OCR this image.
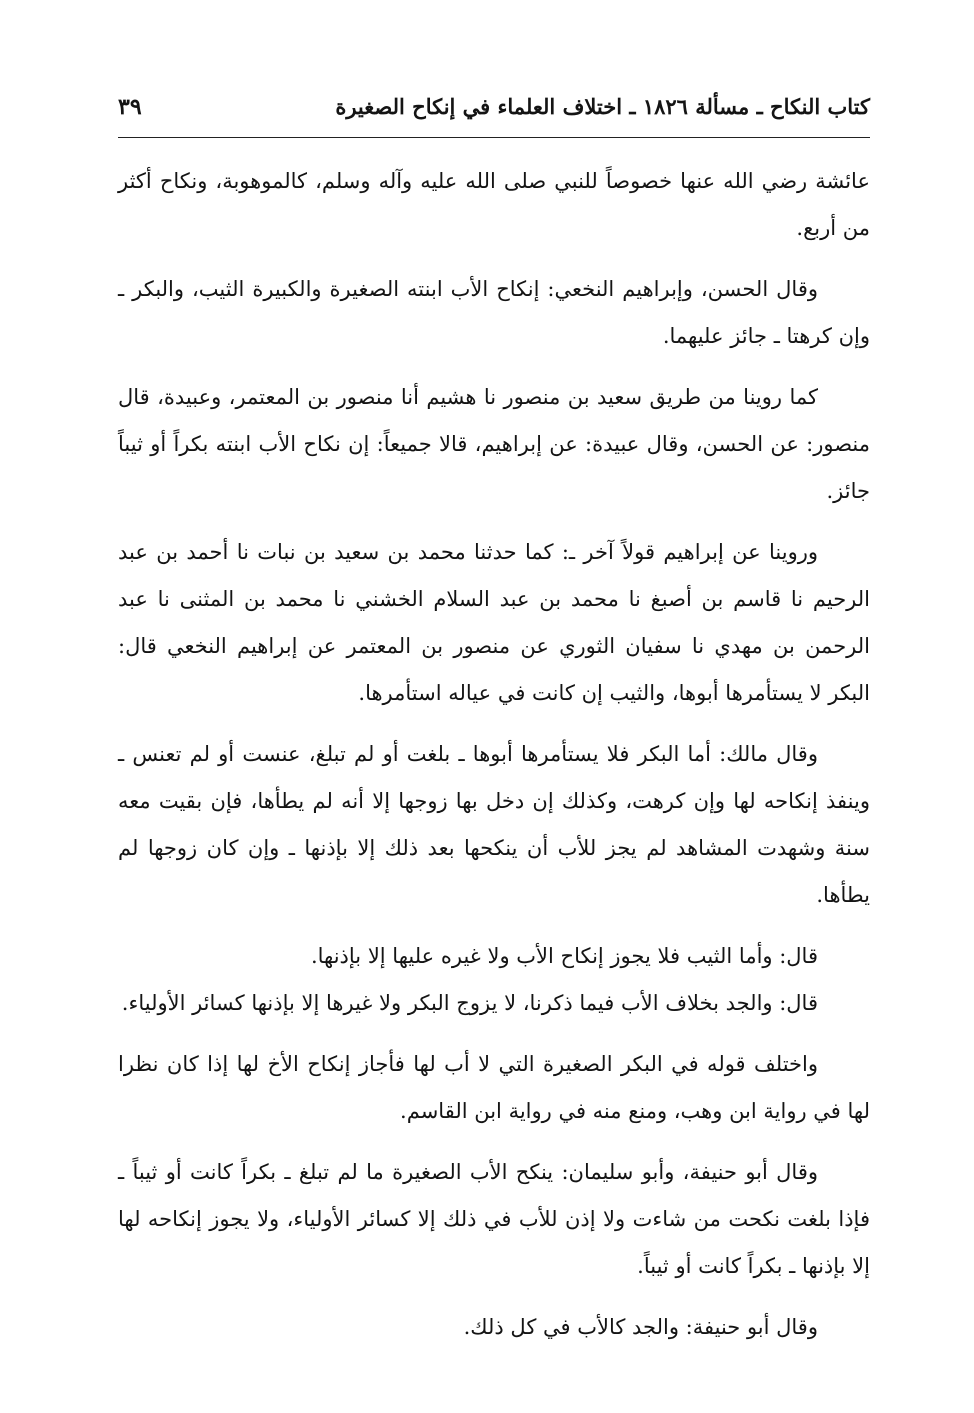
كتاب النكاح ـ مسألة ١٨٢٦ ـ اختلاف العلماء في إنكاح الصغيرة
٣٩

عائشة رضي الله عنها خصوصاً للنبي صلى الله عليه وآله وسلم، كالموهوبة، ونكاح أكثر من أربع.

وقال الحسن، وإبراهيم النخعي: إنكاح الأب ابنته الصغيرة والكبيرة الثيب، والبكر ـ وإن كرهتا ـ جائز عليهما.

كما روينا من طريق سعيد بن منصور نا هشيم أنا منصور بن المعتمر، وعبيدة، قال منصور: عن الحسن، وقال عبيدة: عن إبراهيم، قالا جميعاً: إن نكاح الأب ابنته بكراً أو ثيباً جائز.

وروينا عن إبراهيم قولاً آخر ـ: كما حدثنا محمد بن سعيد بن نبات نا أحمد بن عبد الرحيم نا قاسم بن أصبغ نا محمد بن عبد السلام الخشني نا محمد بن المثنى نا عبد الرحمن بن مهدي نا سفيان الثوري عن منصور بن المعتمر عن إبراهيم النخعي قال: البكر لا يستأمرها أبوها، والثيب إن كانت في عياله استأمرها.

وقال مالك: أما البكر فلا يستأمرها أبوها ـ بلغت أو لم تبلغ، عنست أو لم تعنس ـ وينفذ إنكاحه لها وإن كرهت، وكذلك إن دخل بها زوجها إلا أنه لم يطأها، فإن بقيت معه سنة وشهدت المشاهد لم يجز للأب أن ينكحها بعد ذلك إلا بإذنها ـ وإن كان زوجها لم يطأها.

قال: وأما الثيب فلا يجوز إنكاح الأب ولا غيره عليها إلا بإذنها.

قال: والجد بخلاف الأب فيما ذكرنا، لا يزوج البكر ولا غيرها إلا بإذنها كسائر الأولياء.

واختلف قوله في البكر الصغيرة التي لا أب لها فأجاز إنكاح الأخ لها إذا كان نظرا لها في رواية ابن وهب، ومنع منه في رواية ابن القاسم.

وقال أبو حنيفة، وأبو سليمان: ينكح الأب الصغيرة ما لم تبلغ ـ بكراً كانت أو ثيباً ـ فإذا بلغت نكحت من شاءت ولا إذن للأب في ذلك إلا كسائر الأولياء، ولا يجوز إنكاحه لها إلا بإذنها ـ بكراً كانت أو ثيباً.

وقال أبو حنيفة: والجد كالأب في كل ذلك.
